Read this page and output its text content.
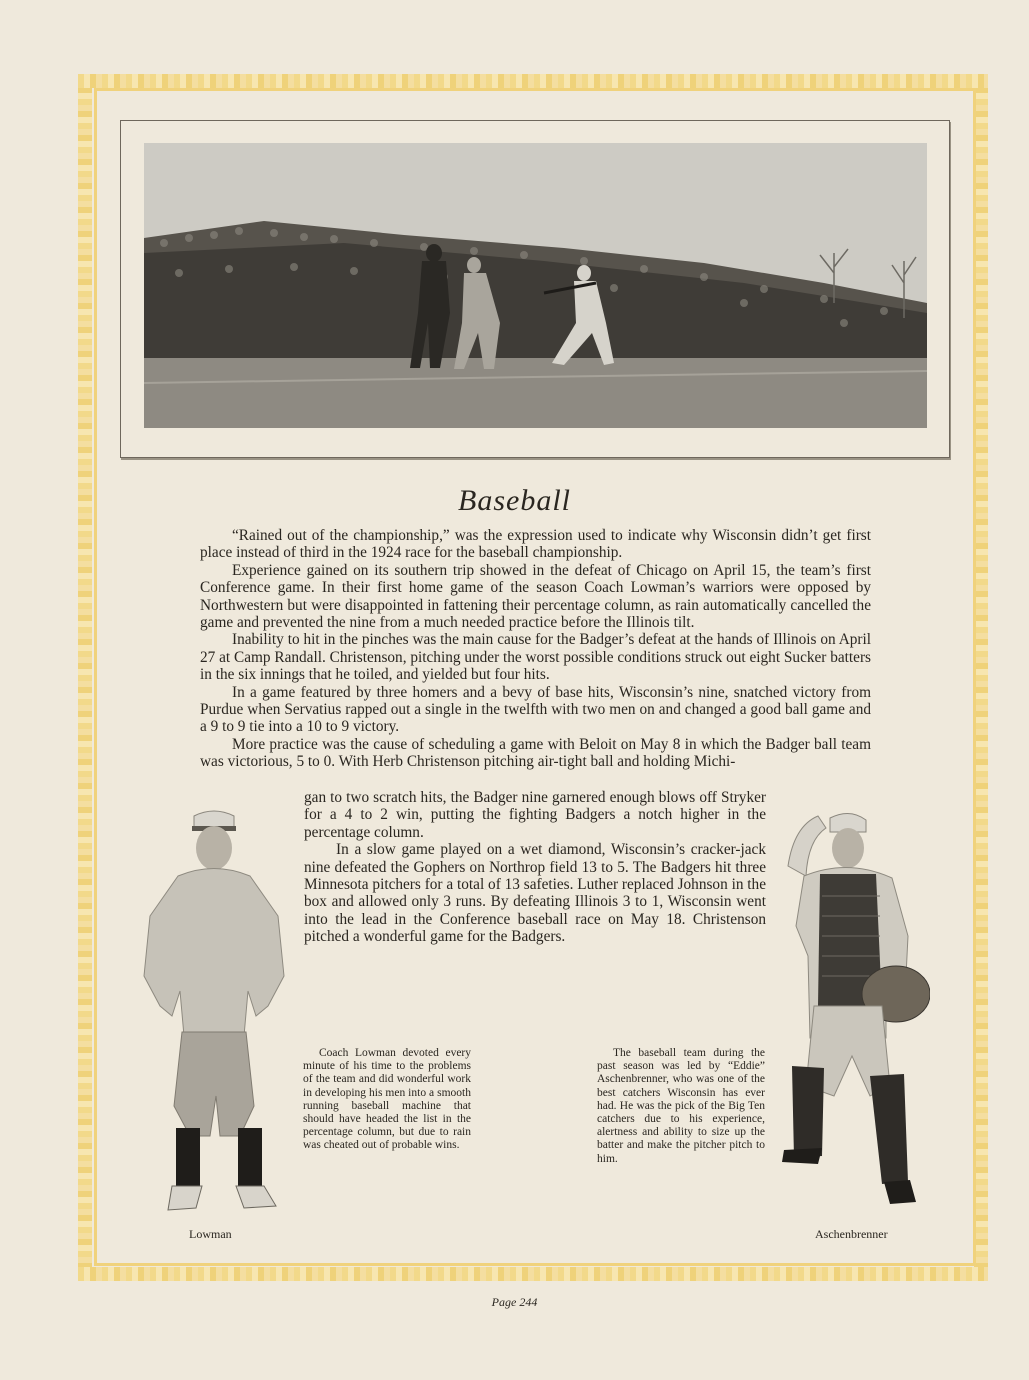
Baseball

“Rained out of the championship,” was the expression used to indicate why Wisconsin didn’t get first place instead of third in the 1924 race for the baseball championship.

Experience gained on its southern trip showed in the defeat of Chicago on April 15, the team’s first Conference game. In their first home game of the season Coach Lowman’s warriors were opposed by Northwestern but were disappointed in fattening their percentage column, as rain automatically cancelled the game and prevented the nine from a much needed practice before the Illinois tilt.

Inability to hit in the pinches was the main cause for the Badger’s defeat at the hands of Illinois on April 27 at Camp Randall. Christenson, pitching under the worst possible conditions struck out eight Sucker batters in the six innings that he toiled, and yielded but four hits.

In a game featured by three homers and a bevy of base hits, Wisconsin’s nine, snatched victory from Purdue when Servatius rapped out a single in the twelfth with two men on and changed a good ball game and a 9 to 9 tie into a 10 to 9 victory.

More practice was the cause of scheduling a game with Beloit on May 8 in which the Badger ball team was victorious, 5 to 0. With Herb Christenson pitching air-tight ball and holding Michi-

gan to two scratch hits, the Badger nine garnered enough blows off Stryker for a 4 to 2 win, putting the fighting Badgers a notch higher in the percentage column.

In a slow game played on a wet diamond, Wisconsin’s cracker-jack nine defeated the Gophers on Northrop field 13 to 5. The Badgers hit three Minnesota pitchers for a total of 13 safeties. Luther replaced Johnson in the box and allowed only 3 runs. By defeating Illinois 3 to 1, Wisconsin went into the lead in the Conference baseball race on May 18. Christenson pitched a wonderful game for the Badgers.

Coach Lowman devoted every minute of his time to the problems of the team and did wonderful work in developing his men into a smooth running baseball machine that should have headed the list in the percentage column, but due to rain was cheated out of probable wins.

The baseball team during the past season was led by “Eddie” Aschenbrenner, who was one of the best catchers Wisconsin has ever had. He was the pick of the Big Ten catchers due to his experience, alertness and ability to size up the batter and make the pitcher pitch to him.

Lowman	Aschenbrenner
Page 244
